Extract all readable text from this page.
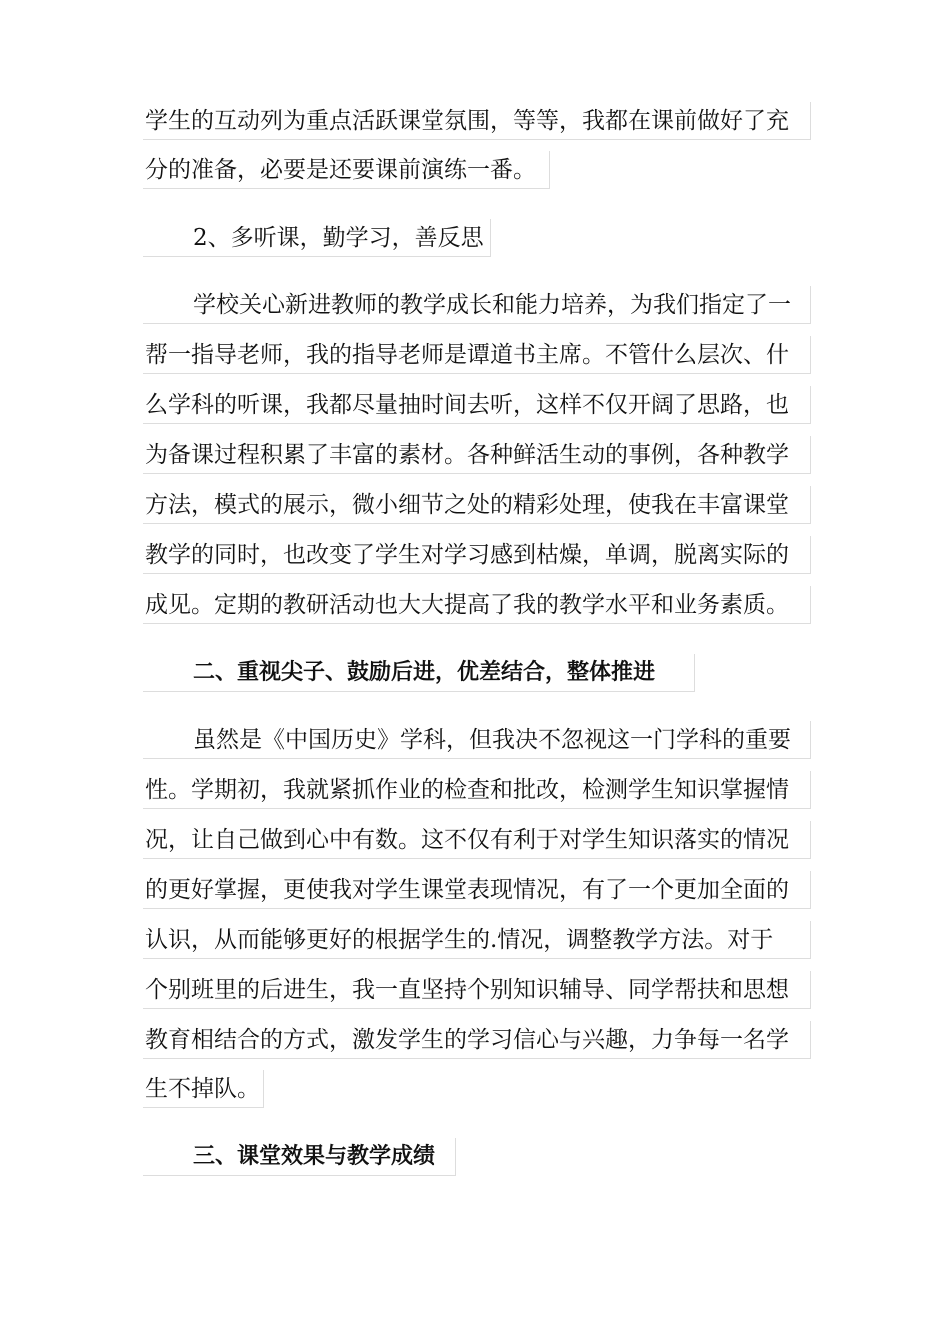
学生的互动列为重点活跃课堂氛围，等等，我都在课前做好了充
分的准备，必要是还要课前演练一番。
2、多听课，勤学习，善反思
学校关心新进教师的教学成长和能力培养，为我们指定了一
帮一指导老师，我的指导老师是谭道书主席。不管什么层次、什
么学科的听课，我都尽量抽时间去听，这样不仅开阔了思路，也
为备课过程积累了丰富的素材。各种鲜活生动的事例，各种教学
方法，模式的展示，微小细节之处的精彩处理，使我在丰富课堂
教学的同时，也改变了学生对学习感到枯燥，单调，脱离实际的
成见。定期的教研活动也大大提高了我的教学水平和业务素质。
二、重视尖子、鼓励后进，优差结合，整体推进
虽然是《中国历史》学科，但我决不忽视这一门学科的重要
性。学期初，我就紧抓作业的检查和批改，检测学生知识掌握情
况，让自己做到心中有数。这不仅有利于对学生知识落实的情况
的更好掌握，更使我对学生课堂表现情况，有了一个更加全面的
认识，从而能够更好的根据学生的.情况，调整教学方法。对于
个别班里的后进生，我一直坚持个别知识辅导、同学帮扶和思想
教育相结合的方式，激发学生的学习信心与兴趣，力争每一名学
生不掉队。
三、课堂效果与教学成绩
